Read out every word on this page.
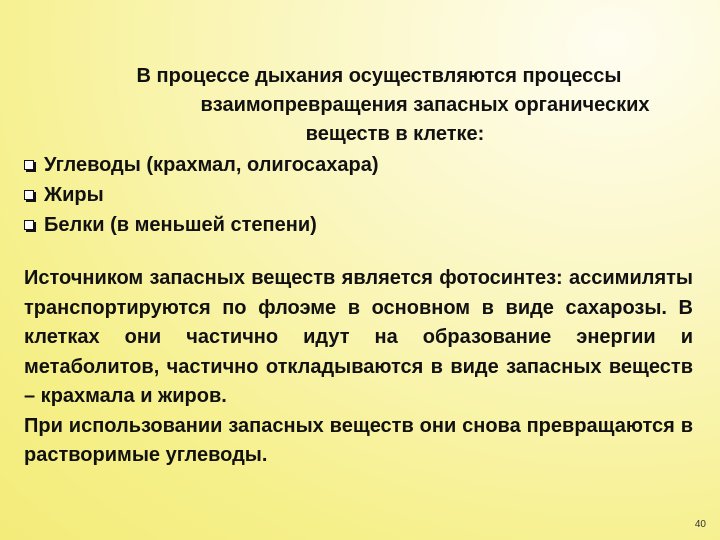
В процессе дыхания осуществляются процессы
взаимопревращения запасных органических
веществ в клетке:
Углеводы (крахмал, олигосахара)
Жиры
Белки (в меньшей степени)

Источником запасных веществ является фотосинтез: ассимиляты транспортируются по флоэме в основном в виде сахарозы. В клетках они частично идут на образование энергии и метаболитов, частично откладываются в виде запасных веществ – крахмала и жиров.

При использовании запасных веществ они снова превращаются в растворимые углеводы.

40
